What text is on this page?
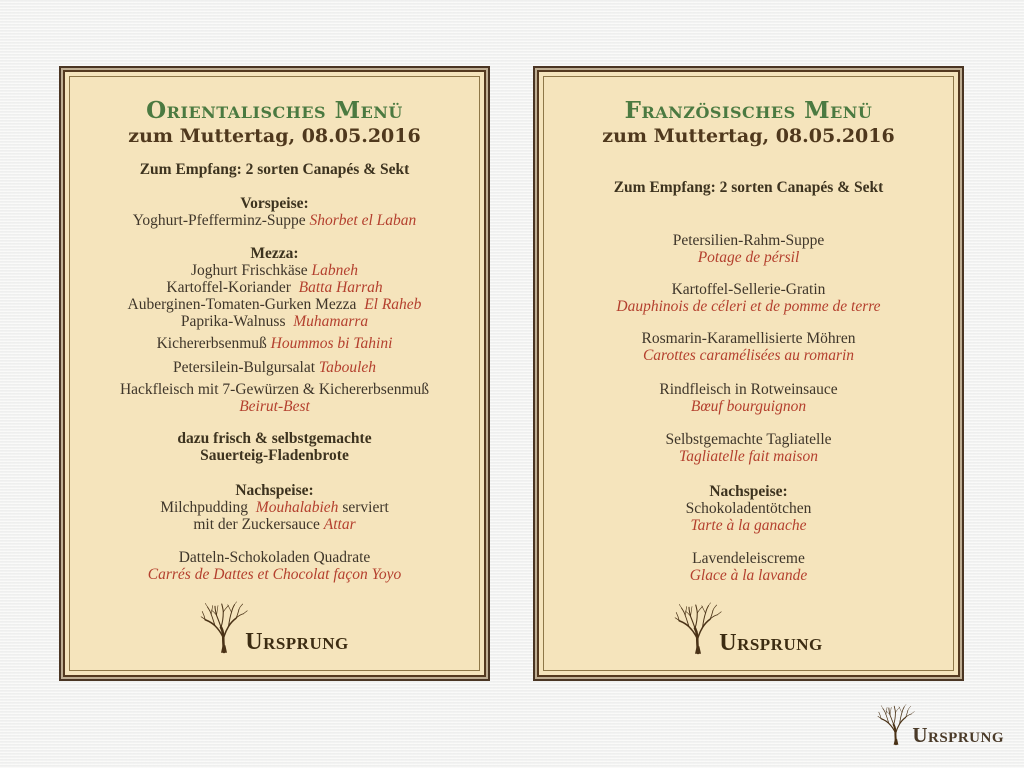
Orientalisches Menü
zum Muttertag, 08.05.2016
Zum Empfang: 2 sorten Canapés & Sekt
Vorspeise:
Yoghurt-Pfefferminz-Suppe Shorbet el Laban
Mezza:
Joghurt Frischkäse Labneh
Kartoffel-Koriander  Batta Harrah
Auberginen-Tomaten-Gurken Mezza  El Raheb
Paprika-Walnuss  Muhamarra
Kichererbsenmuß Hoummos bi Tahini
Petersilein-Bulgursalat Tabouleh
Hackfleisch mit 7-Gewürzen & Kichererbsenmuß
Beirut-Best
dazu frisch & selbstgemachte
Sauerteig-Fladenbrote
Nachspeise:
Milchpudding  Mouhalabieh serviert
mit der Zuckersauce Attar
Datteln-Schokoladen Quadrate
Carrés de Dattes et Chocolat façon Yoyo
Ursprung
Französisches Menü
zum Muttertag, 08.05.2016
Zum Empfang: 2 sorten Canapés & Sekt
Petersilien-Rahm-Suppe
Potage de pérsil
Kartoffel-Sellerie-Gratin
Dauphinois de céleri et de pomme de terre
Rosmarin-Karamellisierte Möhren
Carottes caramélisées au romarin
Rindfleisch in Rotweinsauce
Bœuf bourguignon
Selbstgemachte Tagliatelle
Tagliatelle fait maison
Nachspeise:
Schokoladentötchen
Tarte à la ganache
Lavendeleiscreme
Glace à la lavande
Ursprung
Ursprung
